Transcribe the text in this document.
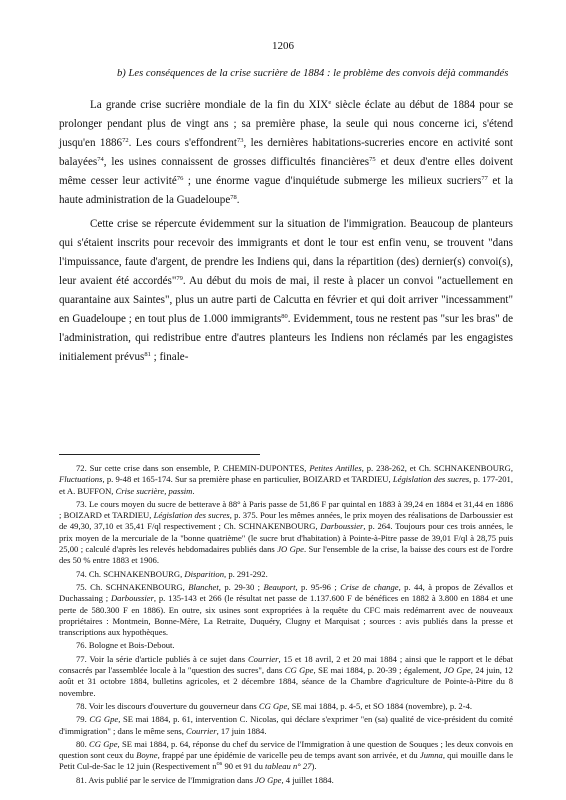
1206
b) Les conséquences de la crise sucrière de 1884 : le problème des convois déjà commandés

La grande crise sucrière mondiale de la fin du XIXe siècle éclate au début de 1884 pour se prolonger pendant plus de vingt ans ; sa première phase, la seule qui nous concerne ici, s'étend jusqu'en 1886$^{72}$. Les cours s'effondrent$^{73}$, les dernières habitations-sucreries encore en activité sont balayées$^{74}$, les usines connaissent de grosses difficultés financières$^{75}$ et deux d'entre elles doivent même cesser leur activité$^{76}$ ; une énorme vague d'inquiétude submerge les milieux sucriers$^{77}$ et la haute administration de la Guadeloupe$^{78}$.

Cette crise se répercute évidemment sur la situation de l'immigration. Beaucoup de planteurs qui s'étaient inscrits pour recevoir des immigrants et dont le tour est enfin venu, se trouvent "dans l'impuissance, faute d'argent, de prendre les Indiens qui, dans la répartition (des) dernier(s) convoi(s), leur avaient été accordés"$^{79}$. Au début du mois de mai, il reste à placer un convoi "actuellement en quarantaine aux Saintes", plus un autre parti de Calcutta en février et qui doit arriver "incessamment" en Guadeloupe ; en tout plus de 1.000 immigrants$^{80}$. Evidemment, tous ne restent pas "sur les bras" de l'administration, qui redistribue entre d'autres planteurs les Indiens non réclamés par les engagistes initialement prévus$^{81}$ ; finale-

72. Sur cette crise dans son ensemble, P. CHEMIN-DUPONTES, Petites Antilles, p. 238-262, et Ch. SCHNAKENBOURG, Fluctuations, p. 9-48 et 165-174. Sur sa première phase en particulier, BOIZARD et TARDIEU, Législation des sucres, p. 177-201, et A. BUFFON, Crise sucrière, passim.

73. Le cours moyen du sucre de betterave à 88° à Paris passe de 51,86 F par quintal en 1883 à 39,24 en 1884 et 31,44 en 1886 ; BOIZARD et TARDIEU, Législation des sucres, p. 375. Pour les mêmes années, le prix moyen des réalisations de Darboussier est de 49,30, 37,10 et 35,41 F/ql respectivement ; Ch. SCHNAKENBOURG, Darboussier, p. 264. Toujours pour ces trois années, le prix moyen de la mercuriale de la "bonne quatrième" (le sucre brut d'habitation) à Pointe-à-Pitre passe de 39,01 F/ql à 28,75 puis 25,00 ; calculé d'après les relevés hebdomadaires publiés dans JO Gpe. Sur l'ensemble de la crise, la baisse des cours est de l'ordre des 50 % entre 1883 et 1906.

74. Ch. SCHNAKENBOURG, Disparition, p. 291-292.

75. Ch. SCHNAKENBOURG, Blanchet, p. 29-30 ; Beauport, p. 95-96 ; Crise de change, p. 44, à propos de Zévallos et Duchassaing ; Darboussier, p. 135-143 et 266 (le résultat net passe de 1.137.600 F de bénéfices en 1882 à 3.800 en 1884 et une perte de 580.300 F en 1886). En outre, six usines sont expropriées à la requête du CFC mais redémarrent avec de nouveaux propriétaires : Montmein, Bonne-Mère, La Retraite, Duquéry, Clugny et Marquisat ; sources : avis publiés dans la presse et transcriptions aux hypothèques.

76. Bologne et Bois-Debout.

77. Voir la série d'article publiés à ce sujet dans Courrier, 15 et 18 avril, 2 et 20 mai 1884 ; ainsi que le rapport et le débat consacrés par l'assemblée locale à la "question des sucres", dans CG Gpe, SE mai 1884, p. 20-39 ; également, JO Gpe, 24 juin, 12 août et 31 octobre 1884, bulletins agricoles, et 2 décembre 1884, séance de la Chambre d'agriculture de Pointe-à-Pitre du 8 novembre.

78. Voir les discours d'ouverture du gouverneur dans CG Gpe, SE mai 1884, p. 4-5, et SO 1884 (novembre), p. 2-4.

79. CG Gpe, SE mai 1884, p. 61, intervention C. Nicolas, qui déclare s'exprimer "en (sa) qualité de vice-président du comité d'immigration" ; dans le même sens, Courrier, 17 juin 1884.

80. CG Gpe, SE mai 1884, p. 64, réponse du chef du service de l'Immigration à une question de Souques ; les deux convois en question sont ceux du Boyne, frappé par une épidémie de varicelle peu de temps avant son arrivée, et du Jumna, qui mouille dans le Petit Cul-de-Sac le 12 juin (Respectivement $n^{os}$ 90 et 91 du tableau n° 27).

81. Avis publié par le service de l'Immigration dans JO Gpe, 4 juillet 1884.
